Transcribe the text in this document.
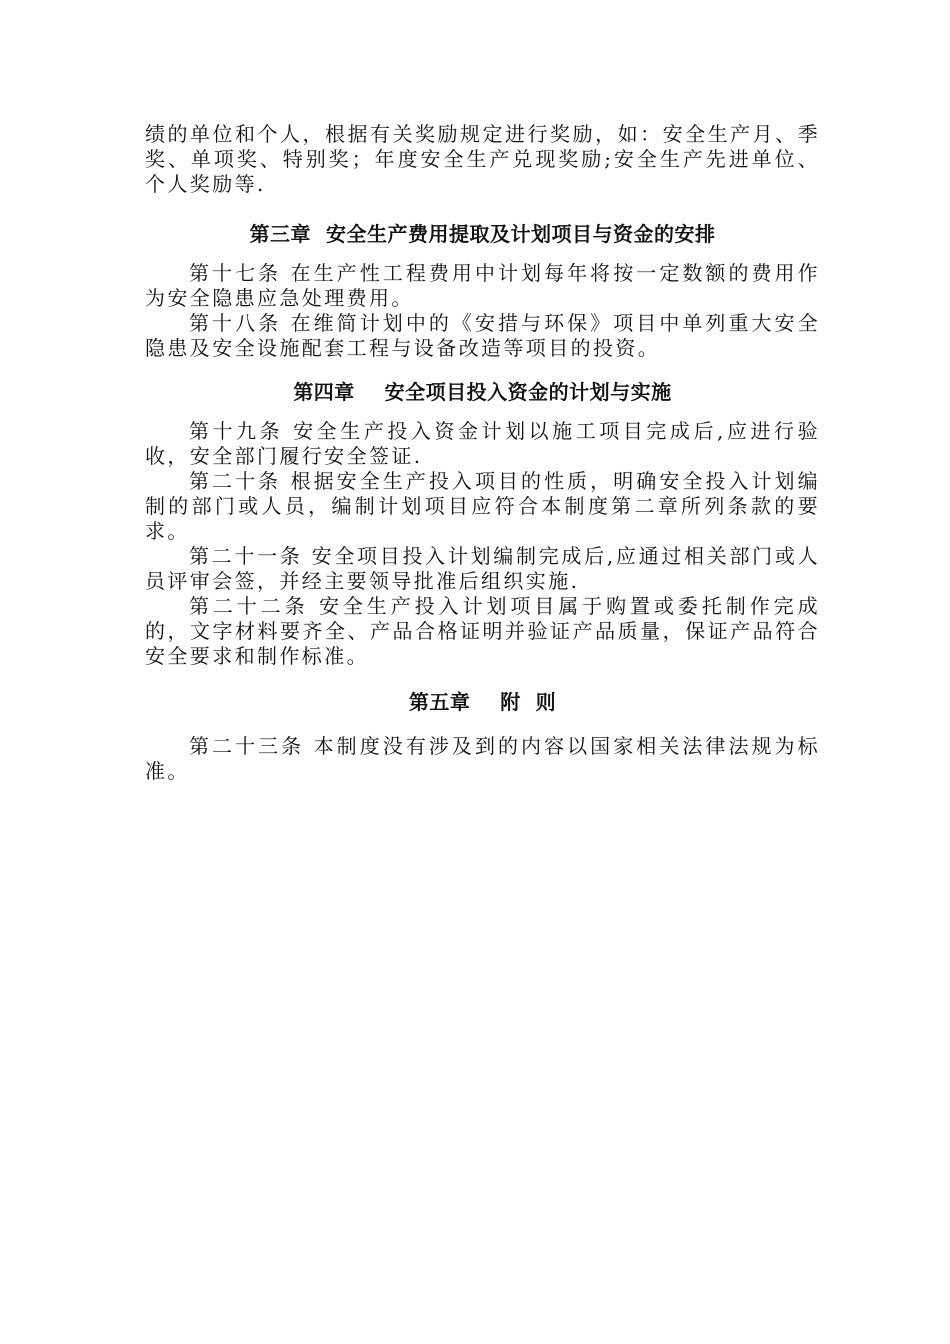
绩的单位和个人，根据有关奖励规定进行奖励，如：安全生产月、季奖、单项奖、特别奖；年度安全生产兑现奖励;安全生产先进单位、个人奖励等.

第三章  安全生产费用提取及计划项目与资金的安排

第十七条 在生产性工程费用中计划每年将按一定数额的费用作为安全隐患应急处理费用。

第十八条 在维简计划中的《安措与环保》项目中单列重大安全隐患及安全设施配套工程与设备改造等项目的投资。

第四章    安全项目投入资金的计划与实施

第十九条 安全生产投入资金计划以施工项目完成后,应进行验收，安全部门履行安全签证.

第二十条 根据安全生产投入项目的性质，明确安全投入计划编制的部门或人员，编制计划项目应符合本制度第二章所列条款的要求。

第二十一条 安全项目投入计划编制完成后,应通过相关部门或人员评审会签，并经主要领导批准后组织实施.

第二十二条 安全生产投入计划项目属于购置或委托制作完成的，文字材料要齐全、产品合格证明并验证产品质量，保证产品符合安全要求和制作标准。

第五章    附  则

第二十三条 本制度没有涉及到的内容以国家相关法律法规为标准。
